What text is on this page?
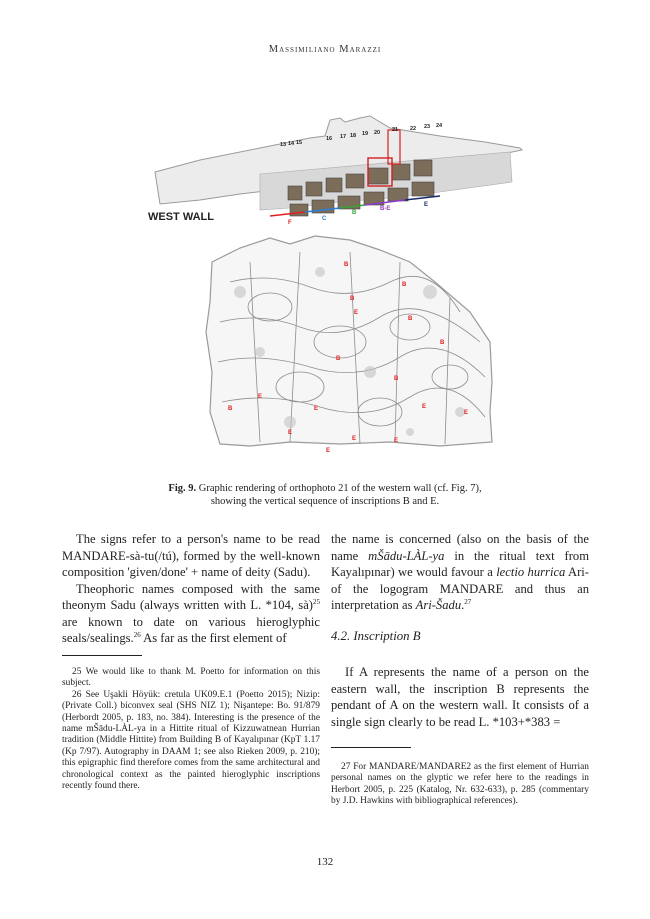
Massimiliano Marazzi
13 14 15
16 17 18 19 20 21 22 23 24
WEST WALL	F
C
B
B-E
E
B
B
B
E
B
B
B
B
B
E
E	E
E
E
E	E
E
Fig. 9. Graphic rendering of orthophoto 21 of the western wall (cf. Fig. 7),
showing the vertical sequence of inscriptions B and E.

The signs refer to a person's name to be read MANDARE-sà-tu(/tú), formed by the well-known composition 'given/done' + name of deity (Sadu).

Theophoric names composed with the same theonym Sadu (always written with L. *104, sà)$^{25}$ are known to date on various hieroglyphic seals/sealings.$^{26}$ As far as the first element of

25 We would like to thank M. Poetto for information on this subject.

26 See Uşakli Höyük: cretula UK09.E.1 (Poetto 2015); Nizip: (Private Coll.) biconvex seal (SHS NIZ 1); Nişantepe: Bo. 91/879 (Herbordt 2005, p. 183, no. 384). Interesting is the presence of the name mŠādu-LÀL-ya in a Hittite ritual of Kizzuwatnean Hurrian tradition (Middle Hittite) from Building B of Kayalıpınar (KpT 1.17 (Kp 7/97). Autography in DAAM 1; see also Rieken 2009, p. 210); this epigraphic find therefore comes from the same architectural and chronological context as the painted hieroglyphic inscriptions recently found there.

the name is concerned (also on the basis of the name mŠādu-LÀL-ya in the ritual text from Kayalıpınar) we would favour a lectio hurrica Ari- of the logogram MANDARE and thus an interpretation as Ari-Šadu.$^{27}$

4.2. Inscription B

If A represents the name of a person on the eastern wall, the inscription B represents the pendant of A on the western wall. It consists of a single sign clearly to be read L. *103+*383 =

27 For MANDARE/MANDARE2 as the first element of Hurrian personal names on the glyptic we refer here to the readings in Herbort 2005, p. 225 (Katalog, Nr. 632-633), p. 285 (commentary by J.D. Hawkins with bibliographical references).

132
